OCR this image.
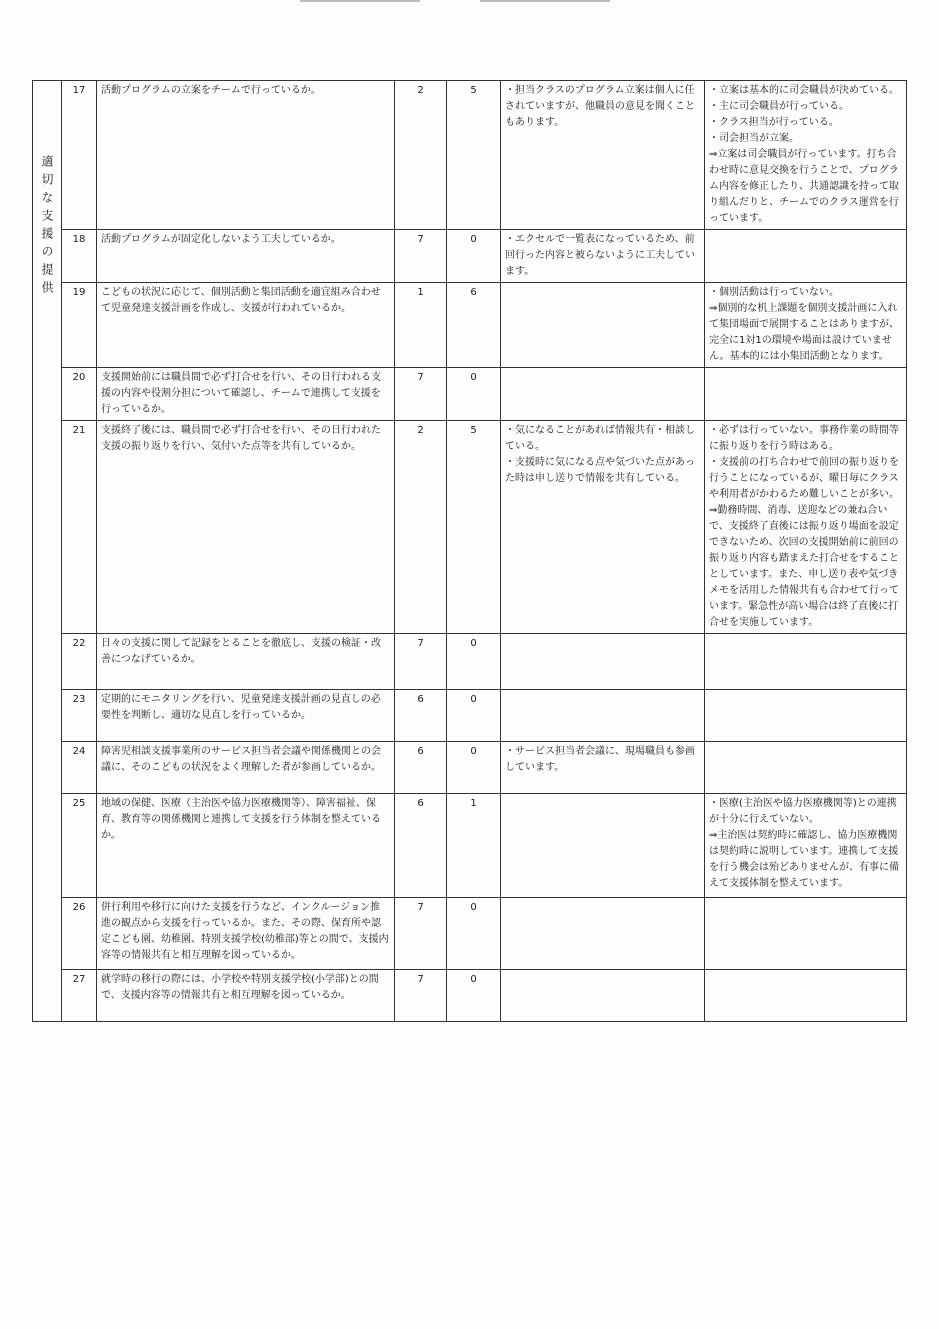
適切な支援の提供	17	活動プログラムの立案をチームで行っているか。	2	5	・担当クラスのプログラム立案は個人に任されていますが、他職員の意見を聞くこともあります。	・立案は基本的に司会職員が決めている。
・主に司会職員が行っている。
・クラス担当が行っている。
・司会担当が立案。
⇒立案は司会職員が行っています。打ち合わせ時に意見交換を行うことで、プログラム内容を修正したり、共通認識を持って取り組んだりと、チームでのクラス運営を行っています。

	18	活動プログラムが固定化しないよう工夫しているか。	7	0	・エクセルで一覧表になっているため、前回行った内容と被らないように工夫しています。	

	19	こどもの状況に応じて、個別活動と集団活動を適宜組み合わせて児童発達支援計画を作成し、支援が行われているか。	1	6		・個別活動は行っていない。
⇒個別的な机上課題を個別支援計画に入れて集団場面で展開することはありますが、完全に1対1の環境や場面は設けていません。基本的には小集団活動となります。

	20	支援開始前には職員間で必ず打合せを行い、その日行われる支援の内容や役割分担について確認し、チームで連携して支援を行っているか。	7	0		
	21	支援終了後には、職員間で必ず打合せを行い、その日行われた支援の振り返りを行い、気付いた点等を共有しているか。	2	5	・気になることがあれば情報共有・相談している。
・支援時に気になる点や気づいた点があった時は申し送りで情報を共有している。	・必ずは行っていない。事務作業の時間等に振り返りを行う時はある。
・支援前の打ち合わせで前回の振り返りを行うことになっているが、曜日毎にクラスや利用者がかわるため難しいことが多い。
⇒勤務時間、消毒、送迎などの兼ね合いで、支援終了直後には振り返り場面を設定できないため、次回の支援開始前に前回の振り返り内容も踏まえた打合せをすることとしています。また、申し送り表や気づきメモを活用した情報共有も合わせて行っています。緊急性が高い場合は終了直後に打合せを実施しています。

	22	日々の支援に関して記録をとることを徹底し、支援の検証・改善につなげているか。	7	0		
	23	定期的にモニタリングを行い、児童発達支援計画の見直しの必要性を判断し、適切な見直しを行っているか。	6	0		
	24	障害児相談支援事業所のサービス担当者会議や関係機関との会議に、そのこどもの状況をよく理解した者が参画しているか。	6	0	・サービス担当者会議に、現場職員も参画しています。	

	25	地域の保健、医療（主治医や協力医療機関等）、障害福祉、保育、教育等の関係機関と連携して支援を行う体制を整えているか。	6	1		・医療(主治医や協力医療機関等)との連携が十分に行えていない。
⇒主治医は契約時に確認し、協力医療機関は契約時に説明しています。連携して支援を行う機会は殆どありませんが、有事に備えて支援体制を整えています。

	26	併行利用や移行に向けた支援を行うなど、インクルージョン推進の観点から支援を行っているか。また、その際、保育所や認定こども園、幼稚園、特別支援学校(幼稚部)等との間で、支援内容等の情報共有と相互理解を図っているか。	7	0		
	27	就学時の移行の際には、小学校や特別支援学校(小学部)との間で、支援内容等の情報共有と相互理解を図っているか。	7	0		
